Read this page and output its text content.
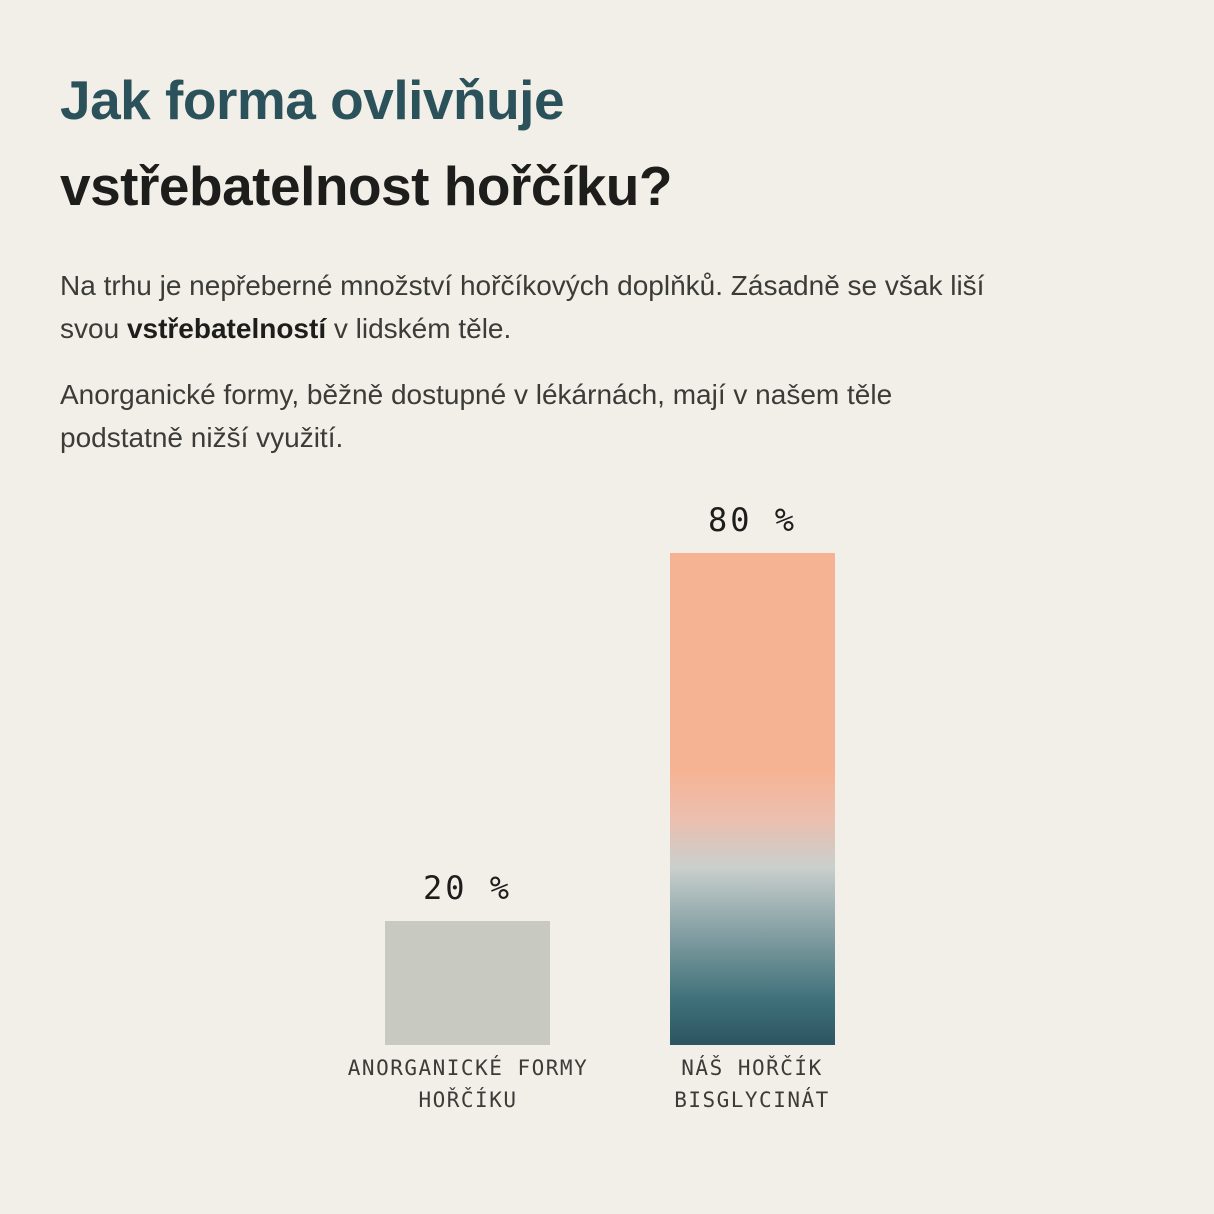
Jak forma ovlivňuje
vstřebatelnost hořčíku?

Na trhu je nepřeberné množství hořčíkových doplňků. Zásadně se však liší svou vstřebatelností v lidském těle.

Anorganické formy, běžně dostupné v lékárnách, mají v našem těle podstatně nižší využití.

20 %
80 %
ANORGANICKÉ FORMY
HOŘČÍKU
NÁŠ HOŘČÍK
BISGLYCINÁT
